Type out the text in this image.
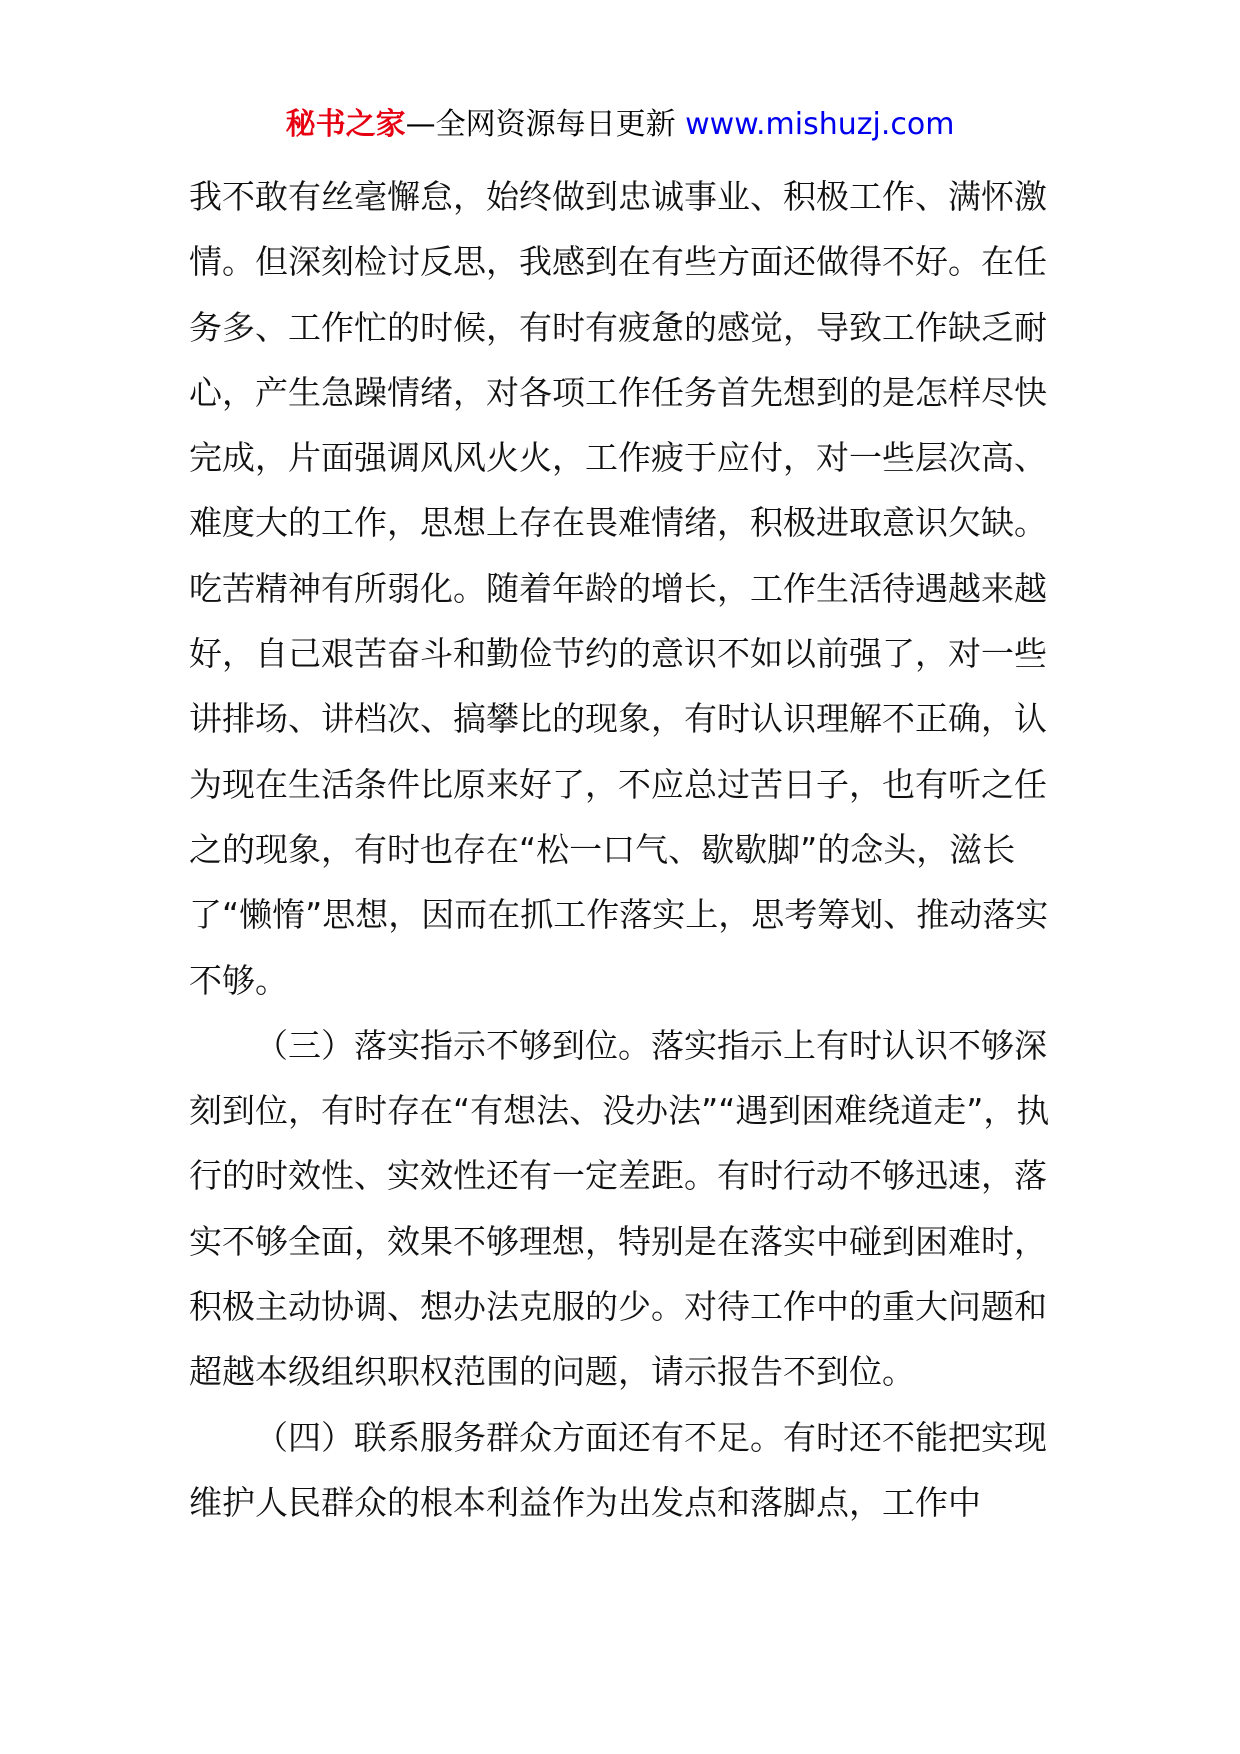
秘书之家—全网资源每日更新 www.mishuzj.com

我不敢有丝毫懈怠，始终做到忠诚事业、积极工作、满怀激情。但深刻检讨反思，我感到在有些方面还做得不好。在任务多、工作忙的时候，有时有疲惫的感觉，导致工作缺乏耐心，产生急躁情绪，对各项工作任务首先想到的是怎样尽快完成，片面强调风风火火，工作疲于应付，对一些层次高、难度大的工作，思想上存在畏难情绪，积极进取意识欠缺。吃苦精神有所弱化。随着年龄的增长，工作生活待遇越来越好，自己艰苦奋斗和勤俭节约的意识不如以前强了，对一些讲排场、讲档次、搞攀比的现象，有时认识理解不正确，认为现在生活条件比原来好了，不应总过苦日子，也有听之任之的现象，有时也存在“松一口气、歇歇脚”的念头，滋长了“懒惰”思想，因而在抓工作落实上，思考筹划、推动落实不够。

（三）落实指示不够到位。落实指示上有时认识不够深刻到位，有时存在“有想法、没办法”“遇到困难绕道走”，执行的时效性、实效性还有一定差距。有时行动不够迅速，落实不够全面，效果不够理想，特别是在落实中碰到困难时，积极主动协调、想办法克服的少。对待工作中的重大问题和超越本级组织职权范围的问题，请示报告不到位。

（四）联系服务群众方面还有不足。有时还不能把实现维护人民群众的根本利益作为出发点和落脚点，工作中
